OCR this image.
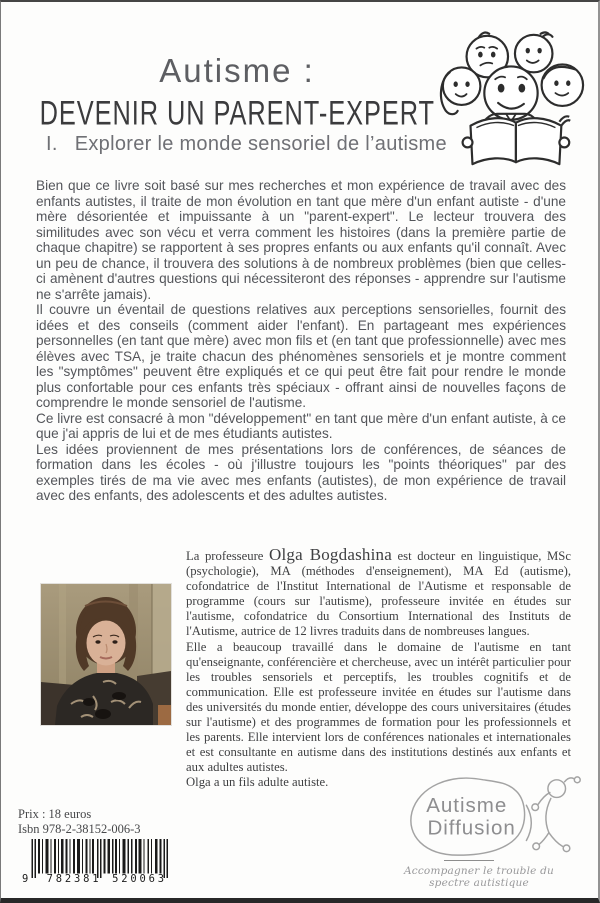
Autisme :
DEVENIR UN PARENT-EXPERT
I. Explorer le monde sensoriel de l’autisme

Bien que ce livre soit basé sur mes recherches et mon expérience de travail avec des enfants autistes, il traite de mon évolution en tant que mère d'un enfant autiste - d'une mère désorientée et impuissante à un "parent-expert". Le lecteur trouvera des similitudes avec son vécu et verra comment les histoires (dans la première partie de chaque chapitre) se rapportent à ses propres enfants ou aux enfants qu'il connaît. Avec un peu de chance, il trouvera des solutions à de nombreux problèmes (bien que celles-ci amènent d'autres questions qui nécessiteront des réponses - apprendre sur l'autisme ne s'arrête jamais).

Il couvre un éventail de questions relatives aux perceptions sensorielles, fournit des idées et des conseils (comment aider l'enfant). En partageant mes expériences personnelles (en tant que mère) avec mon fils et (en tant que professionnelle) avec mes élèves avec TSA, je traite chacun des phénomènes sensoriels et je montre comment les "symptômes" peuvent être expliqués et ce qui peut être fait pour rendre le monde plus confortable pour ces enfants très spéciaux - offrant ainsi de nouvelles façons de comprendre le monde sensoriel de l'autisme.

Ce livre est consacré à mon "développement" en tant que mère d'un enfant autiste, à ce que j'ai appris de lui et de mes étudiants autistes.

Les idées proviennent de mes présentations lors de conférences, de séances de formation dans les écoles - où j'illustre toujours les "points théoriques" par des exemples tirés de ma vie avec mes enfants (autistes), de mon expérience de travail avec des enfants, des adolescents et des adultes autistes.

La professeure Olga Bogdashina est docteur en linguistique, MSc (psychologie), MA (méthodes d'enseignement), MA Ed (autisme), cofondatrice de l'Institut International de l'Autisme et responsable de programme (cours sur l'autisme), professeure invitée en études sur l'autisme, cofondatrice du Consortium International des Instituts de l'Autisme, autrice de 12 livres traduits dans de nombreuses langues.

Elle a beaucoup travaillé dans le domaine de l'autisme en tant qu'enseignante, conférencière et chercheuse, avec un intérêt particulier pour les troubles sensoriels et perceptifs, les troubles cognitifs et de communication. Elle est professeure invitée en études sur l'autisme dans des universités du monde entier, développe des cours universitaires (études sur l'autisme) et des programmes de formation pour les professionnels et les parents. Elle intervient lors de conférences nationales et internationales et est consultante en autisme dans des institutions destinés aux enfants et aux adultes autistes.

Olga a un fils adulte autiste.

Prix : 18 euros
Isbn 978-2-38152-006-3
9 782381 520063
Autisme
Diffusion
Accompagner le trouble du spectre autistique
